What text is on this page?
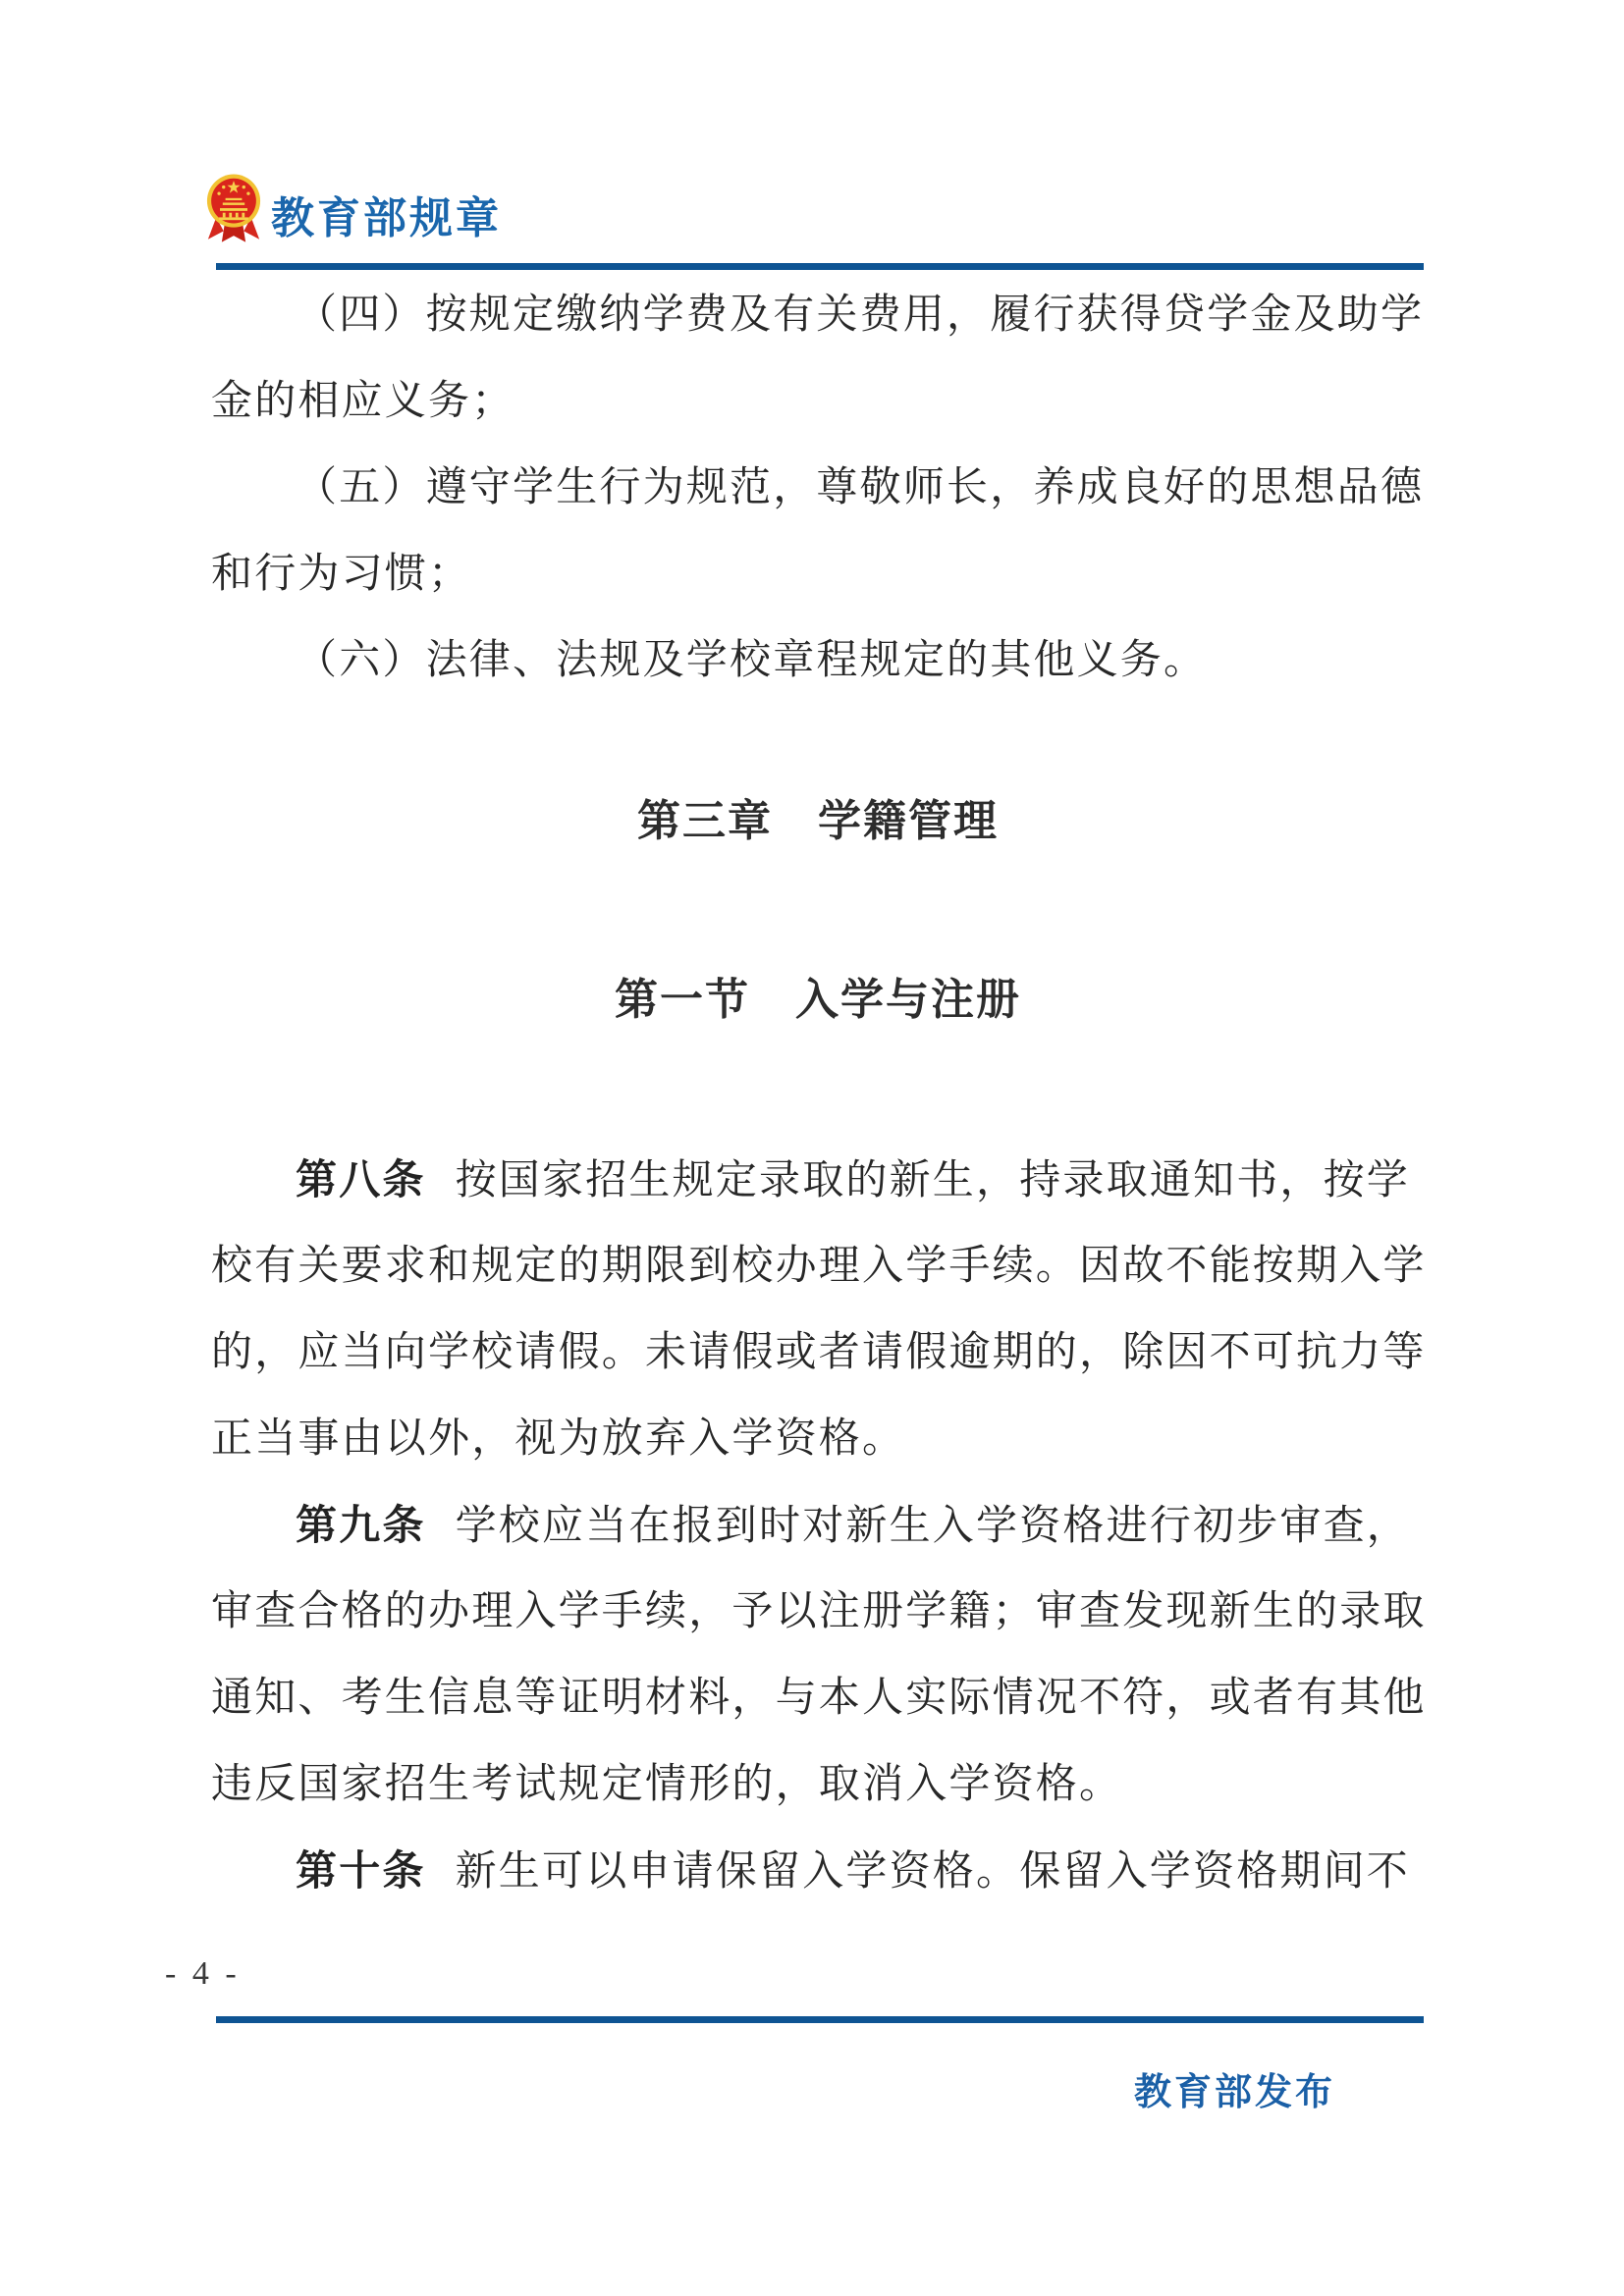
教育部规章
（四）按规定缴纳学费及有关费用，履行获得贷学金及助学
金的相应义务；
（五）遵守学生行为规范，尊敬师长，养成良好的思想品德
和行为习惯；
（六）法律、法规及学校章程规定的其他义务。
第三章　学籍管理
第一节　入学与注册
第八条 按国家招生规定录取的新生，持录取通知书，按学
校有关要求和规定的期限到校办理入学手续。因故不能按期入学
的，应当向学校请假。未请假或者请假逾期的，除因不可抗力等
正当事由以外，视为放弃入学资格。
第九条 学校应当在报到时对新生入学资格进行初步审查，
审查合格的办理入学手续，予以注册学籍；审查发现新生的录取
通知、考生信息等证明材料，与本人实际情况不符，或者有其他
违反国家招生考试规定情形的，取消入学资格。
第十条 新生可以申请保留入学资格。保留入学资格期间不
- 4 -
教育部发布
